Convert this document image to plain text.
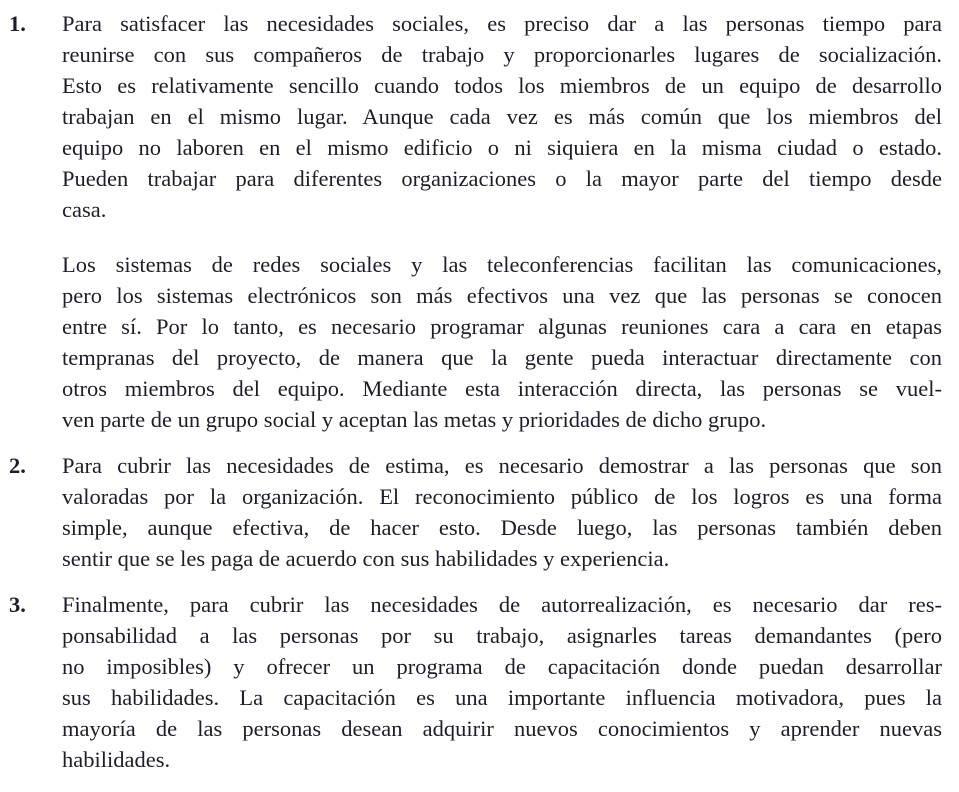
1.	Para satisfacer las necesidades sociales, es preciso dar a las personas tiempo para
reunirse con sus compañeros de trabajo y proporcionarles lugares de socialización.
Esto es relativamente sencillo cuando todos los miembros de un equipo de desarrollo
trabajan en el mismo lugar. Aunque cada vez es más común que los miembros del
equipo no laboren en el mismo edificio o ni siquiera en la misma ciudad o estado.
Pueden trabajar para diferentes organizaciones o la mayor parte del tiempo desde
casa.
Los sistemas de redes sociales y las teleconferencias facilitan las comunicaciones,
pero los sistemas electrónicos son más efectivos una vez que las personas se conocen
entre sí. Por lo tanto, es necesario programar algunas reuniones cara a cara en etapas
tempranas del proyecto, de manera que la gente pueda interactuar directamente con
otros miembros del equipo. Mediante esta interacción directa, las personas se vuel-
ven parte de un grupo social y aceptan las metas y prioridades de dicho grupo.
2.	Para cubrir las necesidades de estima, es necesario demostrar a las personas que son
valoradas por la organización. El reconocimiento público de los logros es una forma
simple, aunque efectiva, de hacer esto. Desde luego, las personas también deben
sentir que se les paga de acuerdo con sus habilidades y experiencia.
3.	Finalmente, para cubrir las necesidades de autorrealización, es necesario dar res-
ponsabilidad a las personas por su trabajo, asignarles tareas demandantes (pero
no imposibles) y ofrecer un programa de capacitación donde puedan desarrollar
sus habilidades. La capacitación es una importante influencia motivadora, pues la
mayoría de las personas desean adquirir nuevos conocimientos y aprender nuevas
habilidades.
